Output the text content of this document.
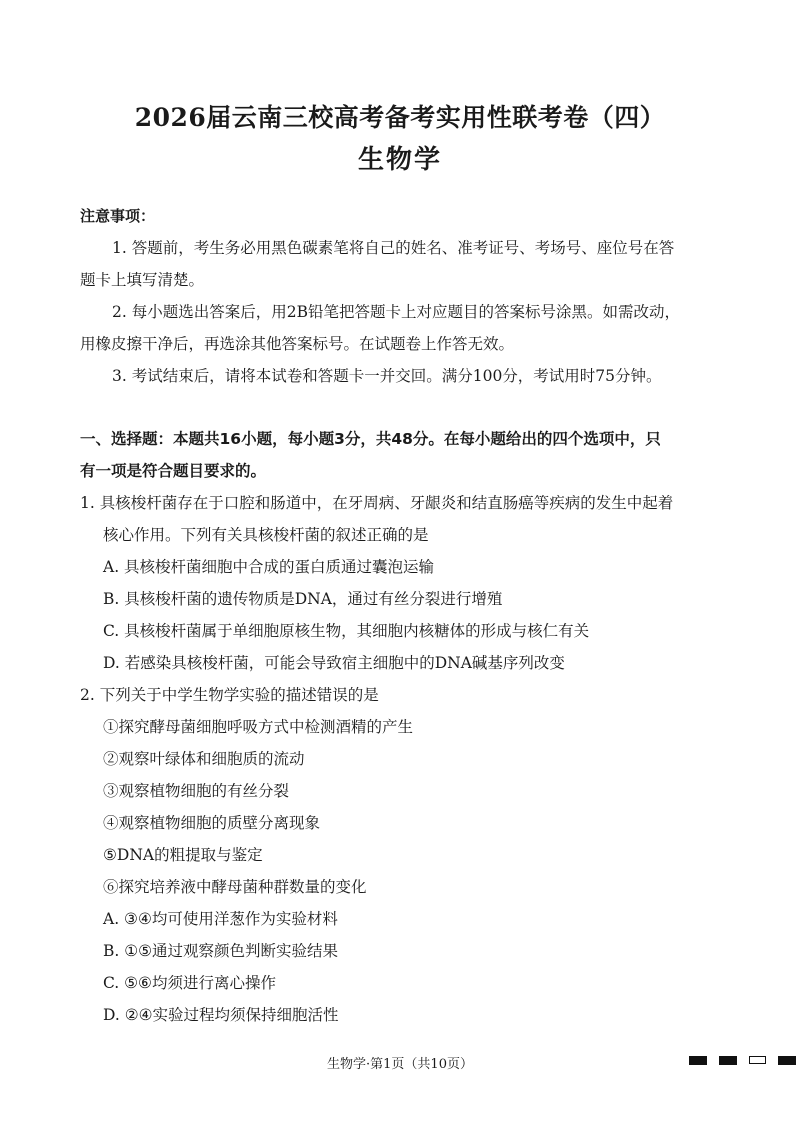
2026届云南三校高考备考实用性联考卷（四）
生物学
注意事项：
1. 答题前，考生务必用黑色碳素笔将自己的姓名、准考证号、考场号、座位号在答
题卡上填写清楚。
2. 每小题选出答案后，用2B铅笔把答题卡上对应题目的答案标号涂黑。如需改动，
用橡皮擦干净后，再选涂其他答案标号。在试题卷上作答无效。
3. 考试结束后，请将本试卷和答题卡一并交回。满分100分，考试用时75分钟。
一、选择题：本题共16小题，每小题3分，共48分。在每小题给出的四个选项中，只
有一项是符合题目要求的。
1. 具核梭杆菌存在于口腔和肠道中，在牙周病、牙龈炎和结直肠癌等疾病的发生中起着
核心作用。下列有关具核梭杆菌的叙述正确的是
A. 具核梭杆菌细胞中合成的蛋白质通过囊泡运输
B. 具核梭杆菌的遗传物质是DNA，通过有丝分裂进行增殖
C. 具核梭杆菌属于单细胞原核生物，其细胞内核糖体的形成与核仁有关
D. 若感染具核梭杆菌，可能会导致宿主细胞中的DNA碱基序列改变
2. 下列关于中学生物学实验的描述错误的是
①探究酵母菌细胞呼吸方式中检测酒精的产生
②观察叶绿体和细胞质的流动
③观察植物细胞的有丝分裂
④观察植物细胞的质壁分离现象
⑤DNA的粗提取与鉴定
⑥探究培养液中酵母菌种群数量的变化
A. ③④均可使用洋葱作为实验材料
B. ①⑤通过观察颜色判断实验结果
C. ⑤⑥均须进行离心操作
D. ②④实验过程均须保持细胞活性
生物学·第1页（共10页）
